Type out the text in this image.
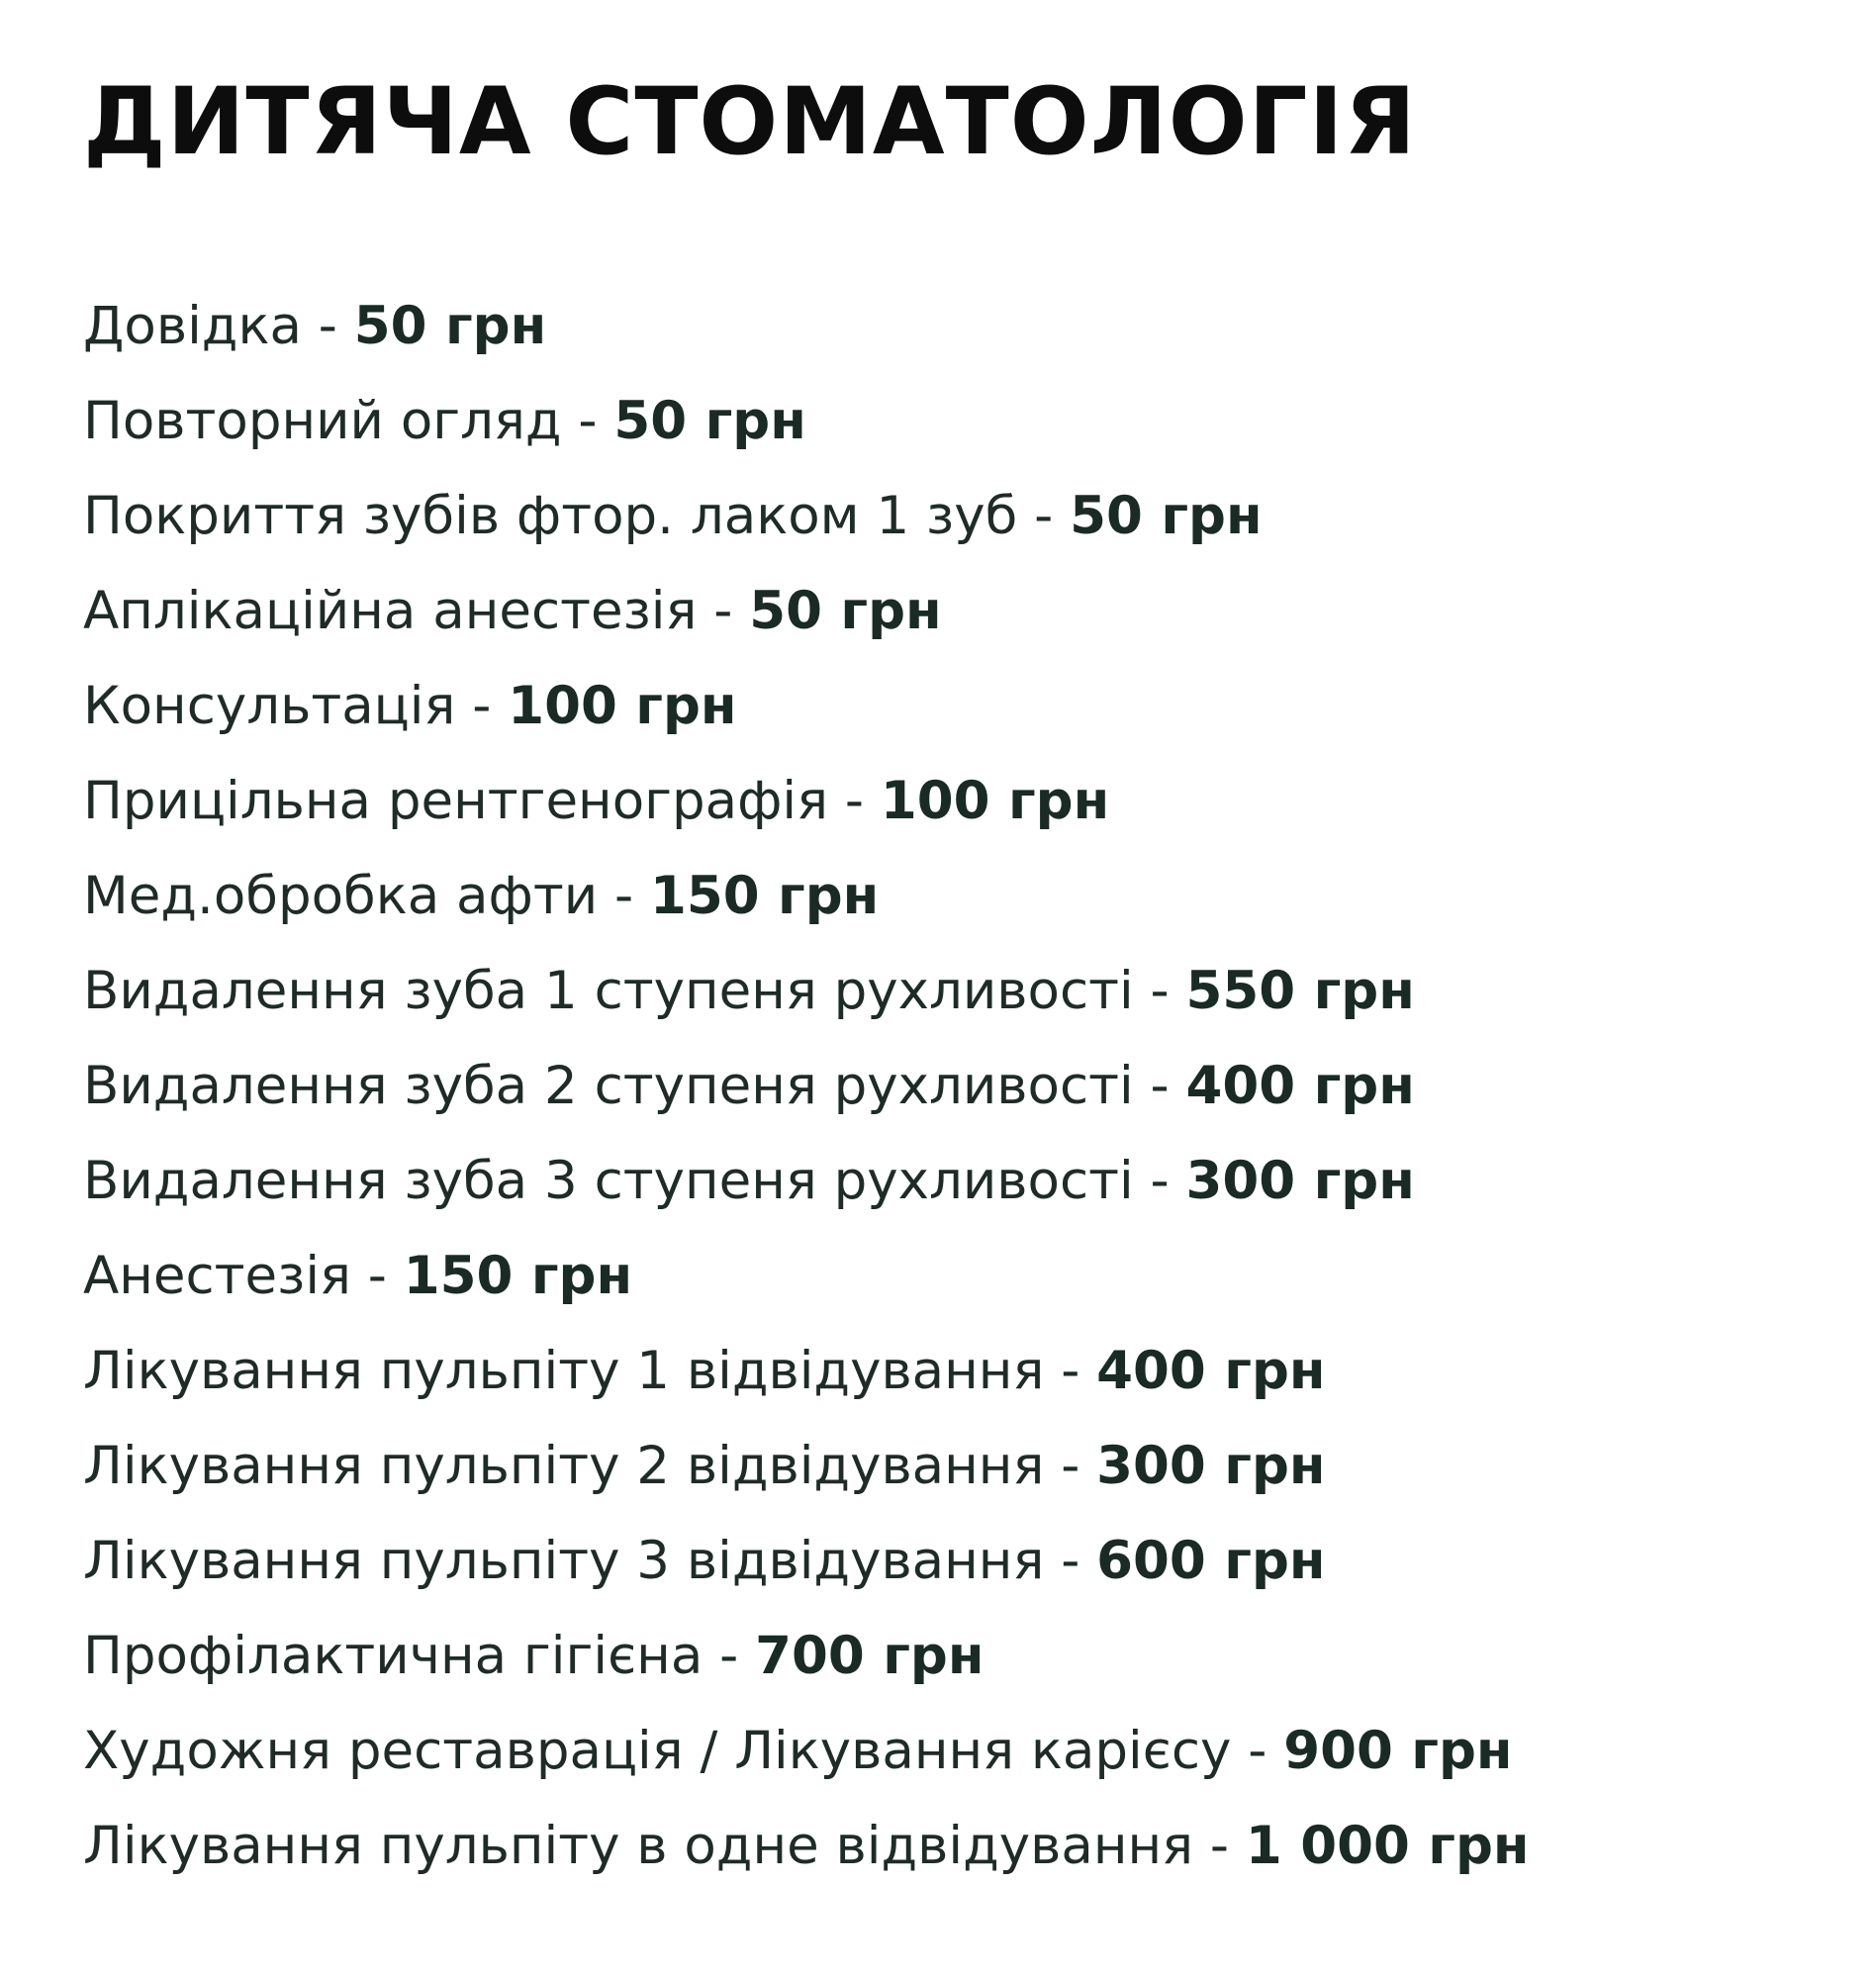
ДИТЯЧА СТОМАТОЛОГІЯ
Довідка - 50 грн
Повторний огляд - 50 грн
Покриття зубів фтор. лаком 1 зуб - 50 грн
Аплікаційна анестезія - 50 грн
Консультація - 100 грн
Прицільна рентгенографія - 100 грн
Мед.обробка афти - 150 грн
Видалення зуба 1 ступеня рухливості - 550 грн
Видалення зуба 2 ступеня рухливості - 400 грн
Видалення зуба 3 ступеня рухливості - 300 грн
Анестезія - 150 грн
Лікування пульпіту 1 відвідування - 400 грн
Лікування пульпіту 2 відвідування - 300 грн
Лікування пульпіту 3 відвідування - 600 грн
Профілактична гігієна - 700 грн
Художня реставрація / Лікування карієсу - 900 грн
Лікування пульпіту в одне відвідування - 1 000 грн
